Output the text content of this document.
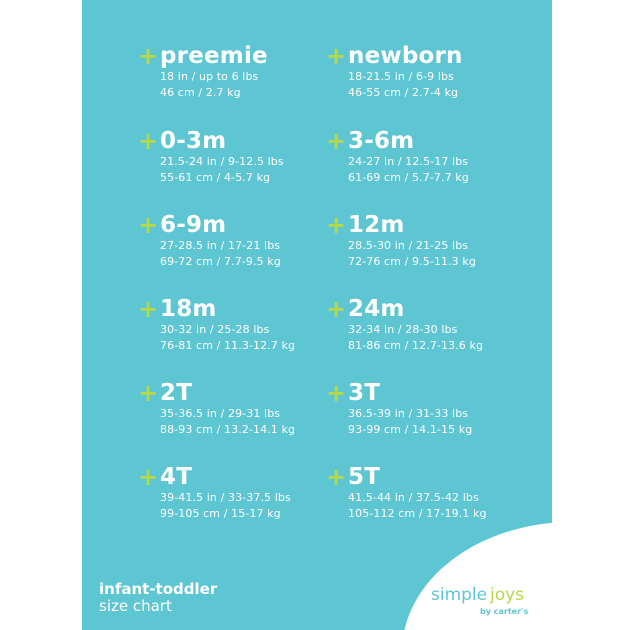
+ preemie
18 in / up to 6 lbs
46 cm / 2.7 kg
+ newborn
18-21.5 in / 6-9 lbs
46-55 cm / 2.7-4 kg
+ 0-3m
21.5-24 in / 9-12.5 lbs
55-61 cm / 4-5.7 kg
+ 3-6m
24-27 in / 12.5-17 lbs
61-69 cm / 5.7-7.7 kg
+ 6-9m
27-28.5 in / 17-21 lbs
69-72 cm / 7.7-9.5 kg
+ 12m
28.5-30 in / 21-25 lbs
72-76 cm / 9.5-11.3 kg
+ 18m
30-32 in / 25-28 lbs
76-81 cm / 11.3-12.7 kg
+ 24m
32-34 in / 28-30 lbs
81-86 cm / 12.7-13.6 kg
+ 2T
35-36.5 in / 29-31 lbs
88-93 cm / 13.2-14.1 kg
+ 3T
36.5-39 in / 31-33 lbs
93-99 cm / 14.1-15 kg
+ 4T
39-41.5 in / 33-37.5 lbs
99-105 cm / 15-17 kg
+ 5T
41.5-44 in / 37.5-42 lbs
105-112 cm / 17-19.1 kg
infant-toddler
size chart
simple joys
by carter's
